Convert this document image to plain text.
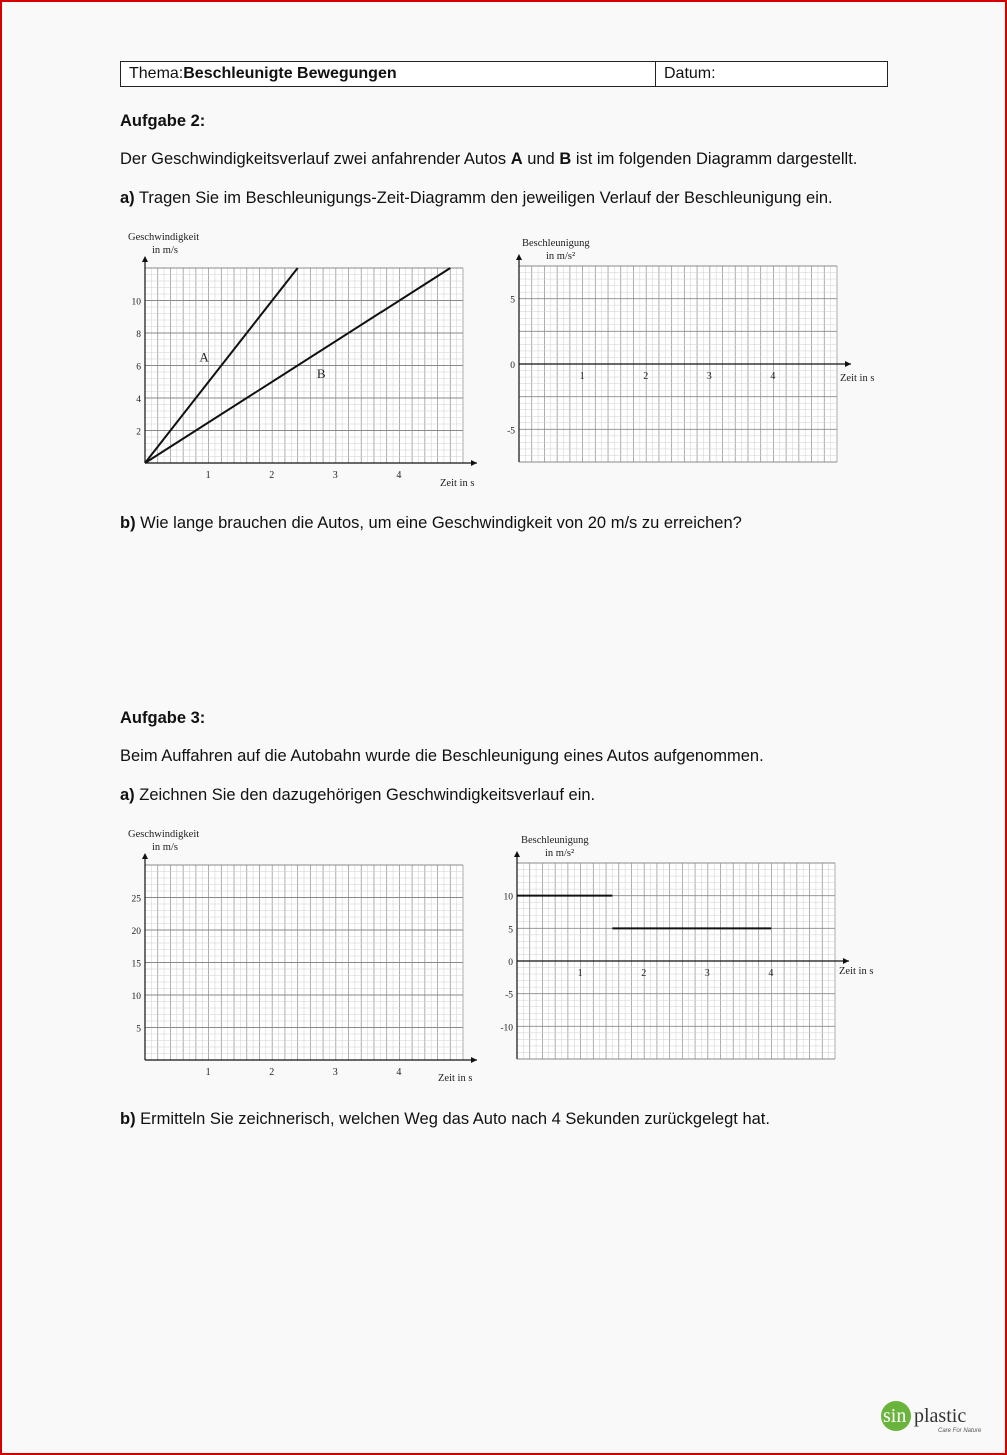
Thema: Beschleunigte Bewegungen	Datum:
Aufgabe 2:
Der Geschwindigkeitsverlauf zwei anfahrender Autos A und B ist im folgenden Diagramm dargestellt.
a) Tragen Sie im Beschleunigungs-Zeit-Diagramm den jeweiligen Verlauf der Beschleunigung ein.
Geschwindigkeit
in m/s
Zeit in s
1	2	3	4
2
4
6
8
10
A
B
Beschleunigung
in m/s²
Zeit in s
1	2	3	4
5
0
-5
b) Wie lange brauchen die Autos, um eine Geschwindigkeit von 20 m/s zu erreichen?
Aufgabe 3:
Beim Auffahren auf die Autobahn wurde die Beschleunigung eines Autos aufgenommen.
a) Zeichnen Sie den dazugehörigen Geschwindigkeitsverlauf ein.
Geschwindigkeit
in m/s
Zeit in s
1	2	3	4
5
10
15
20
25
Beschleunigung
in m/s²
Zeit in s
1	2	3	4
10
5
0
-5
-10
b) Ermitteln Sie zeichnerisch, welchen Weg das Auto nach 4 Sekunden zurückgelegt hat.
sin plastic
Care For Nature
